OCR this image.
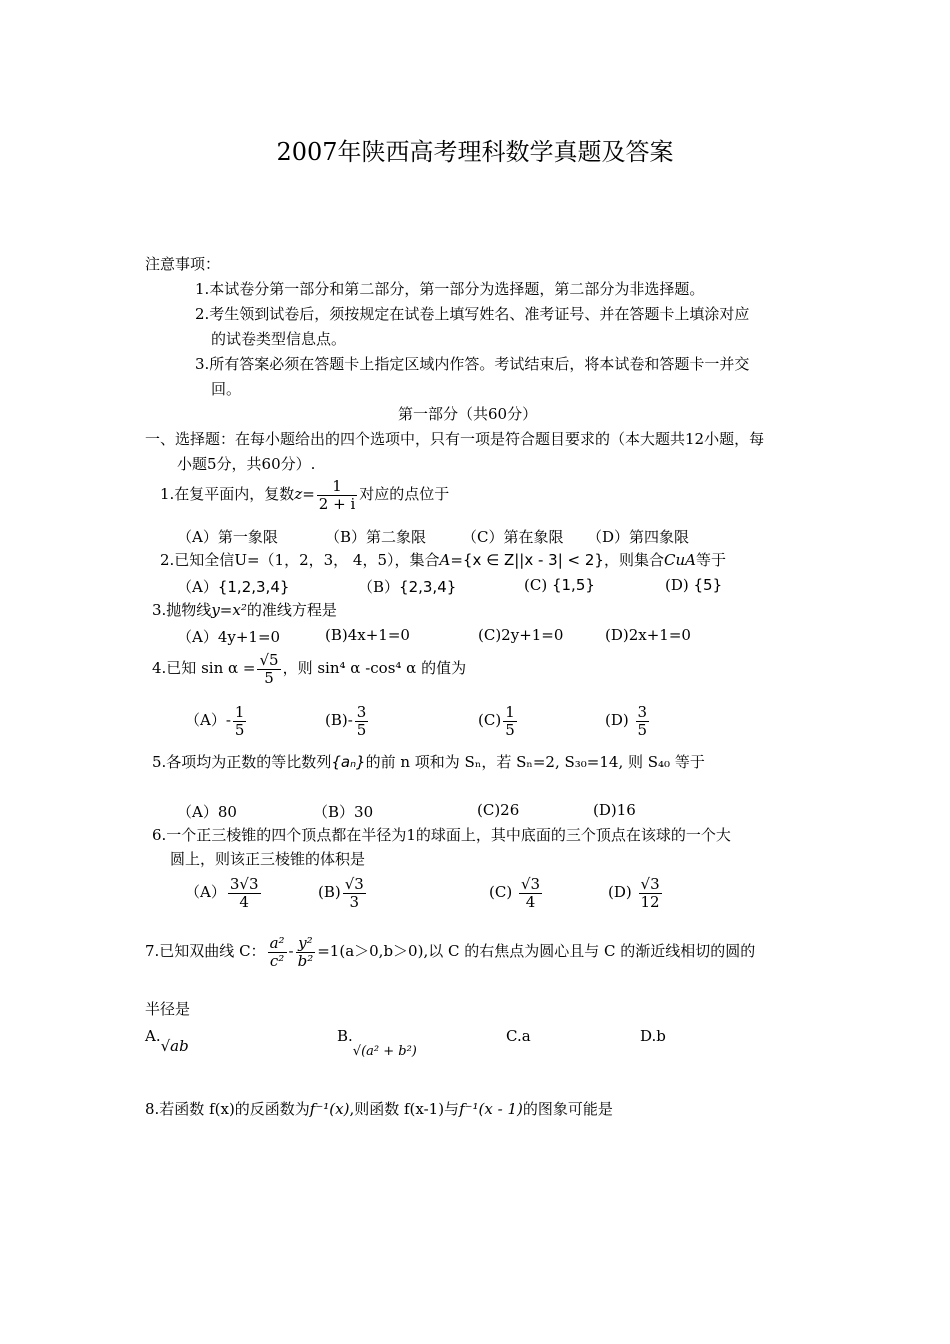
2007年陕西高考理科数学真题及答案
注意事项：
1.本试卷分第一部分和第二部分，第一部分为选择题，第二部分为非选择题。
2.考生领到试卷后，须按规定在试卷上填写姓名、准考证号、并在答题卡上填涂对应
的试卷类型信息点。
3.所有答案必须在答题卡上指定区域内作答。考试结束后，将本试卷和答题卡一并交
回。
第一部分（共60分）
一、选择题：在每小题给出的四个选项中，只有一项是符合题目要求的（本大题共12小题，每
小题5分，共60分）.
1.在复平面内，复数$z= \frac{1}{2 + i}$ 对应的点位于
（A）第一象限	（B）第二象限 （C）第在象限 （D）第四象限
2.已知全信U=（1，2，3， 4，5），集合A={x ∈ Z||x - 3| < 2}，则集合CuA等于
（A）{1,2,3,4}	（B）{2,3,4}	(C) {1,5}	(D) {5}
3.抛物线y=x²的准线方程是
（A）4y+1=0	(B)4x+1=0	(C)2y+1=0	(D)2x+1=0
4.已知 $\sin \alpha = \frac{√5}{5}$ ，则 sin⁴ α -cos⁴ α 的值为
$(A)- \frac{1}{5}$	$(B)- \frac{3}{5}$	$(C) \frac{1}{5}$	$(D) \frac{3}{5}$
5.各项均为正数的等比数列{aₙ}的前 n 项和为 Sₙ，若 Sₙ=2, S₃₀=14, 则 S₄₀ 等于
（A）80	（B）30	(C)26	(D)16
6.一个正三棱锥的四个顶点都在半径为1的球面上，其中底面的三个顶点在该球的一个大
圆上，则该正三棱锥的体积是
$(A) \frac{3√3}{4}$	$(B) \frac{√3}{3}$	$(C) \frac{√3}{4}$	$(D) \frac{√3}{12}$
7.已知双曲线 C： $\frac{\text{a²}}{\text{c²}} - \frac{\text{y²}}{\text{b²}} =1(a>0,b>0)$,以 C 的右焦点为圆心且与 C 的渐近线相切的圆的
半径是
A.√ab
B.√(a² + b²)
C.a	D.b
8.若函数 f(x)的反函数为f⁻¹(x),则函数 f(x-1)与f⁻¹(x - 1)的图象可能是
